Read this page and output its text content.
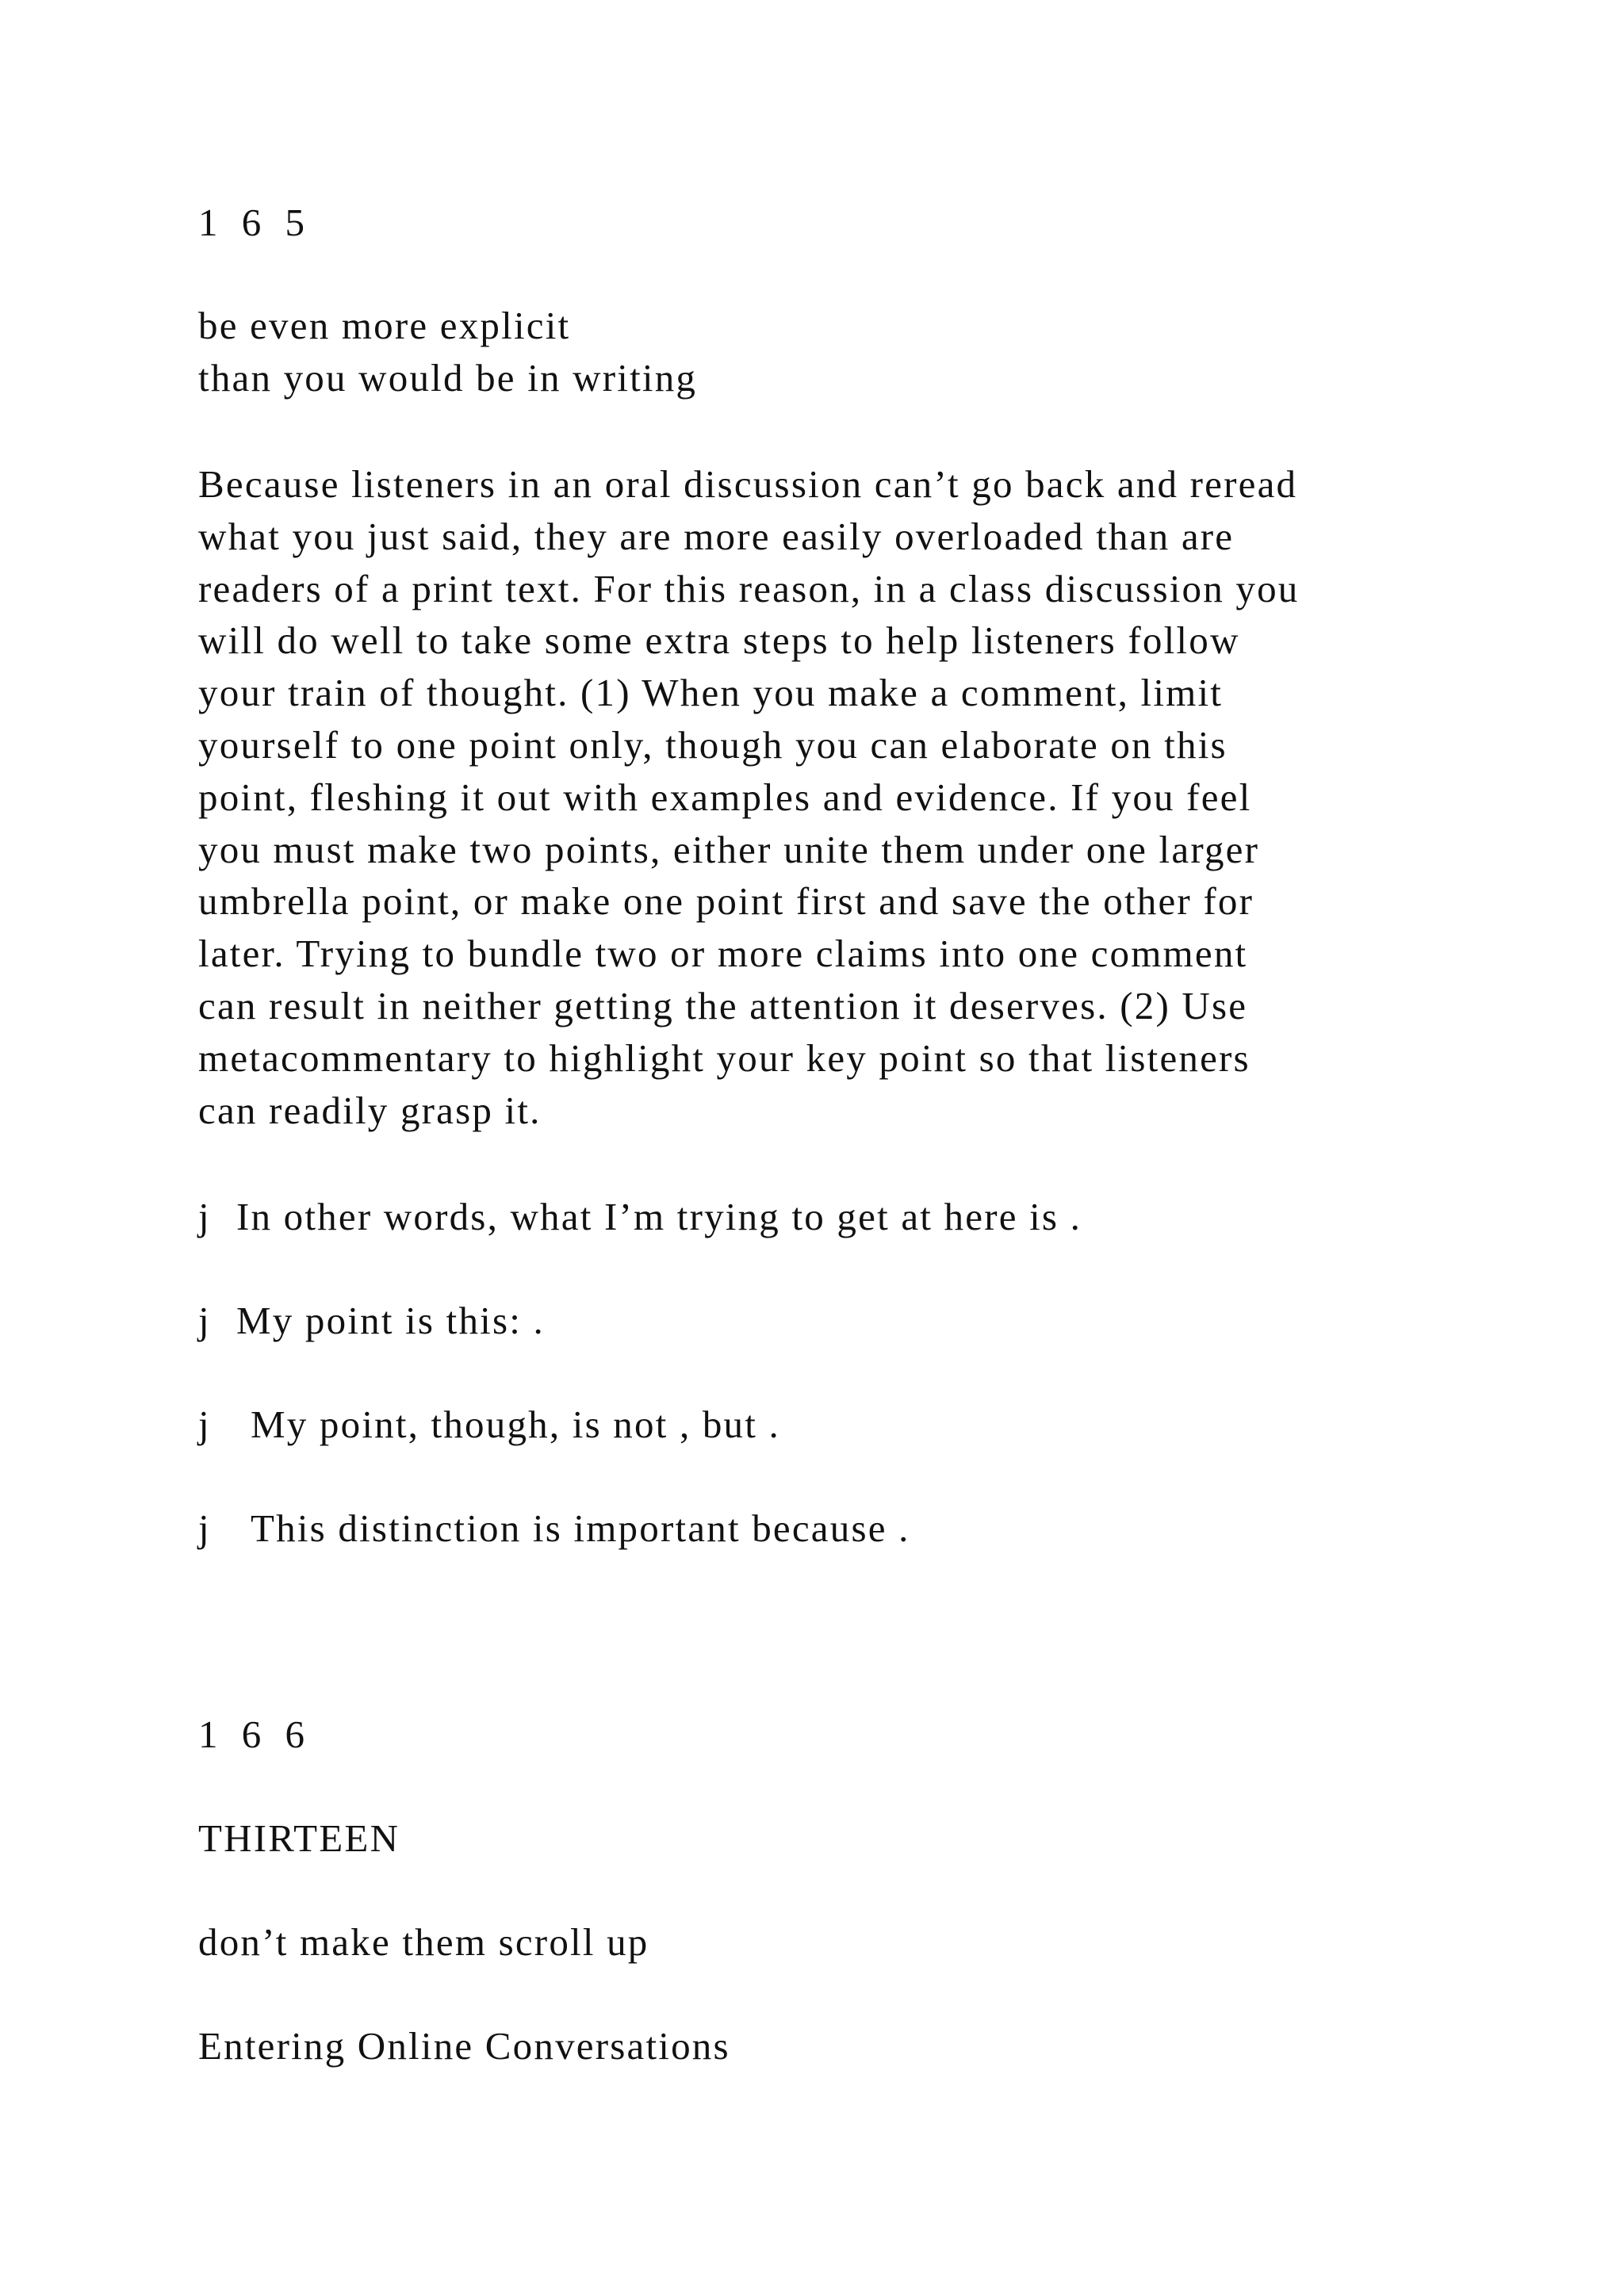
1 6 5
be even more explicit
than you would be in writing
Because listeners in an oral discussion can’t go back and reread
what you just said, they are more easily overloaded than are
readers of a print text. For this reason, in a class discussion you
will do well to take some extra steps to help listeners follow
your train of thought. (1) When you make a comment, limit
yourself to one point only, though you can elaborate on this
point, fleshing it out with examples and evidence. If you feel
you must make two points, either unite them under one larger
umbrella point, or make one point first and save the other for
later. Trying to bundle two or more claims into one comment
can result in neither getting the attention it deserves. (2) Use
metacommentary to highlight your key point so that listeners
can readily grasp it.
j In other words, what I’m trying to get at here is .
j My point is this: .
j My point, though, is not , but .
j This distinction is important because .
1 6 6
THIRTEEN
don’t make them scroll up
Entering Online Conversations
